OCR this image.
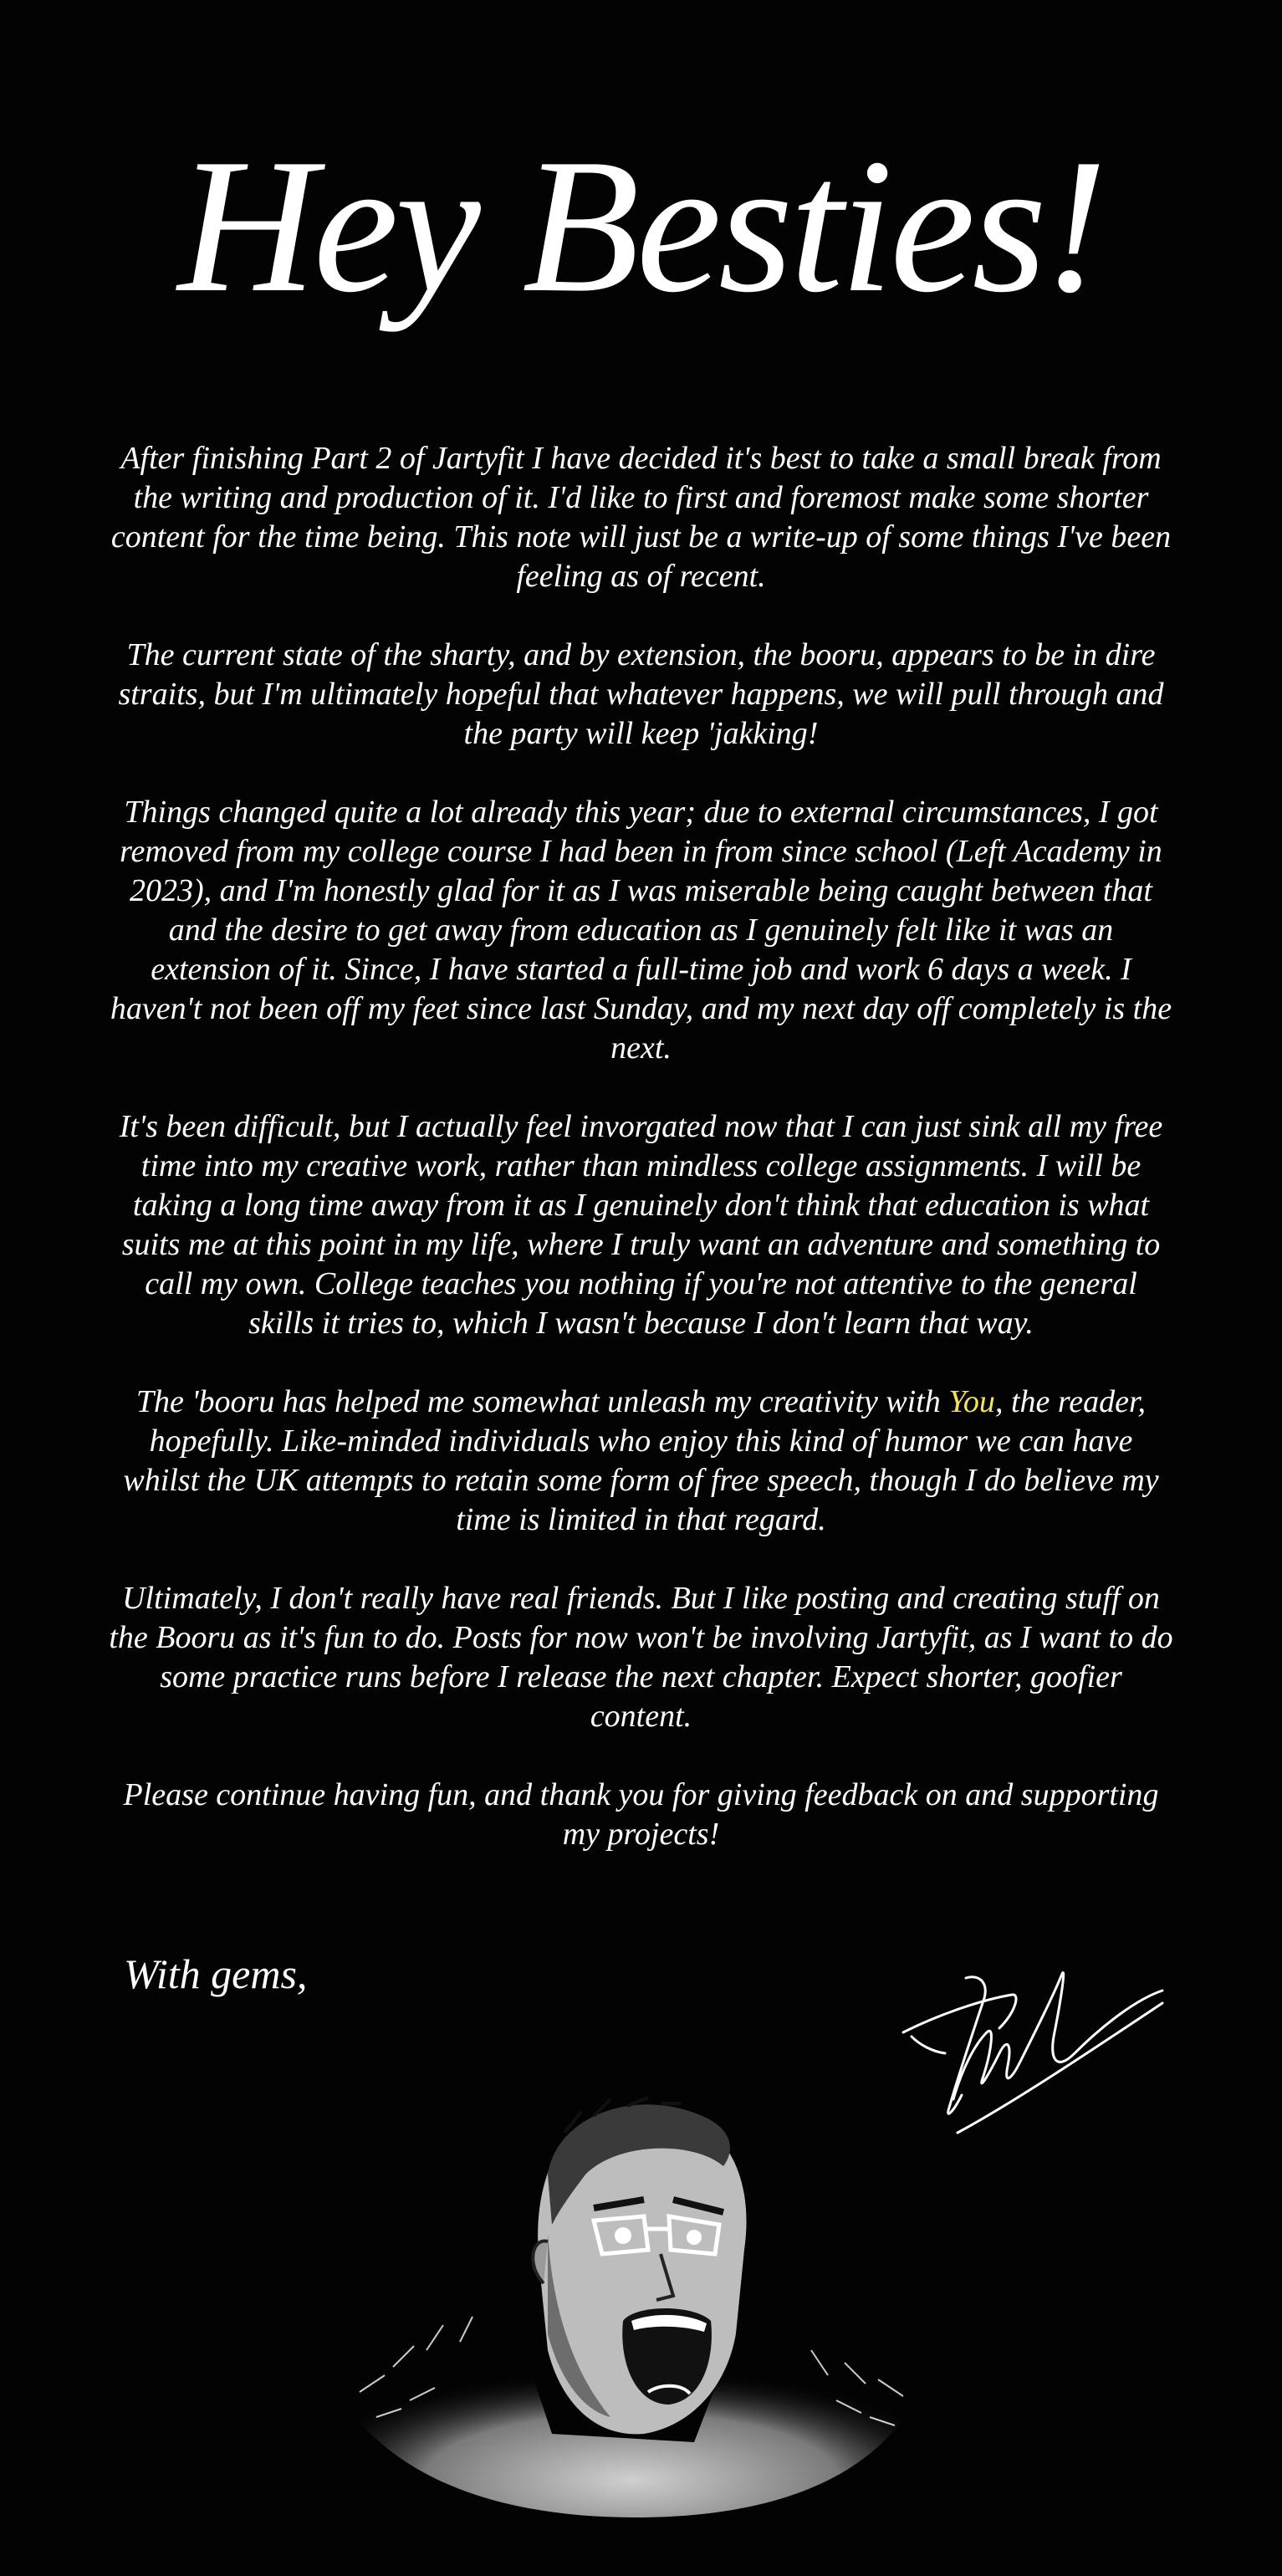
Hey Besties!

After finishing Part 2 of Jartyfit I have decided it's best to take a small break from the writing and production of it. I'd like to first and foremost make some shorter content for the time being. This note will just be a write-up of some things I've been feeling as of recent.

The current state of the sharty, and by extension, the booru, appears to be in dire straits, but I'm ultimately hopeful that whatever happens, we will pull through and the party will keep 'jakking!

Things changed quite a lot already this year; due to external circumstances, I got removed from my college course I had been in from since school (Left Academy in 2023), and I'm honestly glad for it as I was miserable being caught between that and the desire to get away from education as I genuinely felt like it was an extension of it. Since, I have started a full-time job and work 6 days a week. I haven't not been off my feet since last Sunday, and my next day off completely is the next.

It's been difficult, but I actually feel invorgated now that I can just sink all my free time into my creative work, rather than mindless college assignments. I will be taking a long time away from it as I genuinely don't think that education is what suits me at this point in my life, where I truly want an adventure and something to call my own. College teaches you nothing if you're not attentive to the general skills it tries to, which I wasn't because I don't learn that way.

The 'booru has helped me somewhat unleash my creativity with You, the reader, hopefully. Like-minded individuals who enjoy this kind of humor we can have whilst the UK attempts to retain some form of free speech, though I do believe my time is limited in that regard.

Ultimately, I don't really have real friends. But I like posting and creating stuff on the Booru as it's fun to do. Posts for now won't be involving Jartyfit, as I want to do some practice runs before I release the next chapter. Expect shorter, goofier content.

Please continue having fun, and thank you for giving feedback on and supporting my projects!

With gems,
